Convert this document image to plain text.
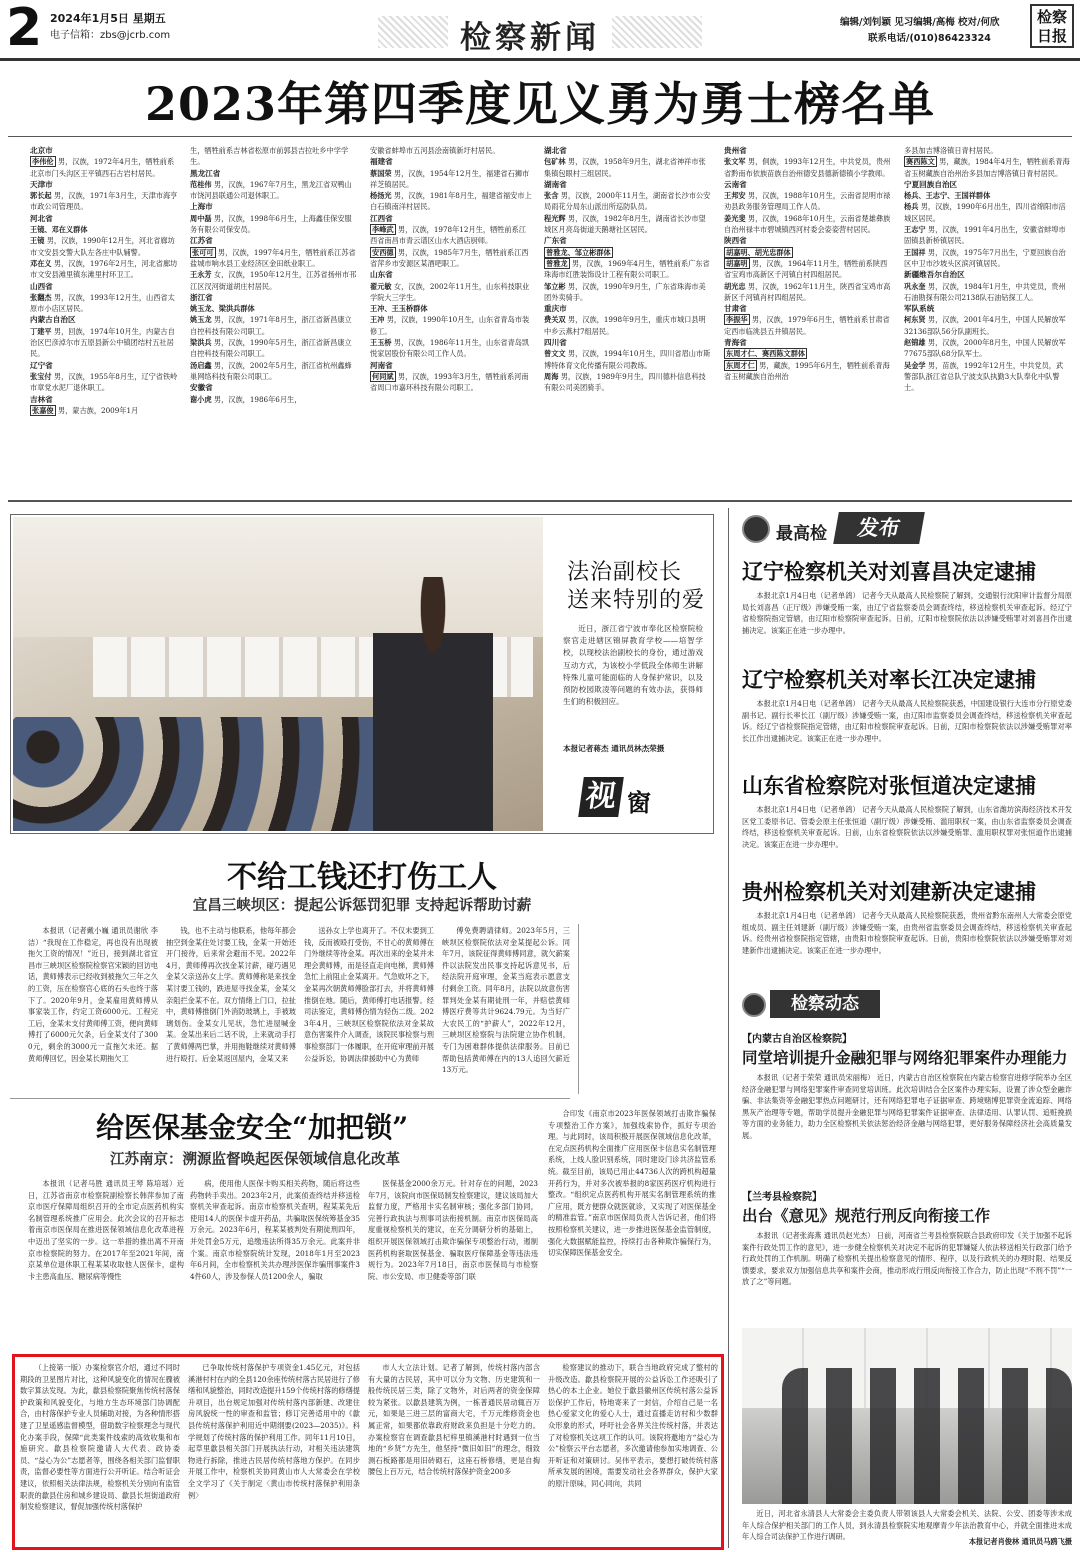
2 2024年1月5日 星期五
电子信箱：zbs@jcrb.com	检察新闻	编辑/刘钊颖 见习编辑/高梅 校对/何欣
联系电话/(010)86423324
检察
日报
2023年第四季度见义勇为勇士榜名单
北京市
李伟伦 男，汉族，1972年4月生，牺牲前系北京市门头沟区王平镇西石古岩村居民。
天津市
郭长起 男，汉族，1971年3月生，天津市海亨市政公司管理员。
河北省
王镜、邓在义群体
王镜 男，汉族，1990年12月生，河北省廊坊市文安县交警大队左各庄中队辅警。
邓在义 男，汉族，1976年2月生，河北省廊坊市文安县滩里镇东滩里村环卫工。
山西省
张翻杰 男，汉族，1993年12月生，山西省太原市小店区居民。
内蒙古自治区
丁建平 男，回族，1974年10月生，内蒙古自治区巴彦淖尔市五原县新公中镇团结村五社居民。
辽宁省
张宝付 男，汉族，1955年8月生，辽宁省铁岭市章党水泥厂退休职工。
吉林省
张嘉俊 男，蒙古族，2009年1月
生，牺牲前系吉林省松原市前郭县吉拉吐乡中学学生。
黑龙江省
范桂伟 男，汉族，1967年7月生，黑龙江省双鸭山市饶河县联通公司退休职工。
上海市
周中磊 男，汉族，1998年6月生，上海鑫佳保安服务有限公司保安员。
江苏省
张可可 男，汉族，1997年4月生，牺牲前系江苏省盐城市响水县工业经济区金田纸业职工。
王永芳 女，汉族，1950年12月生，江苏省扬州市邗江区汊河街道胡庄村居民。
浙江省
姚玉龙、梁洪兵群体
姚玉龙 男，汉族，1971年8月生，浙江省新昌康立自控科技有限公司职工。
梁洪兵 男，汉族，1990年5月生，浙江省新昌康立自控科技有限公司职工。
汤启鑫 男，汉族，2002年5月生，浙江省杭州鑫蜂巢网络科技有限公司职工。
安徽省
谢小虎 男，汉族，1986年6月生，
安徽省蚌埠市五河县浍南镇新圩村居民。
福建省
蔡国荣 男，汉族，1954年12月生，福建省石狮市祥芝镇居民。
杨扬光 男，汉族，1981年8月生，福建省福安市上白石镇南洋村居民。
江西省
李峰武 男，汉族，1978年12月生，牺牲前系江西省南昌市青云谱区山水大酒店厨师。
安西德 男，汉族，1985年7月生，牺牲前系江西省萍乡市安源区某酒吧职工。
山东省
翟元敏 女，汉族，2002年11月生，山东科技职业学院大三学生。
王冲、王玉桥群体
王冲 男，汉族，1990年10月生，山东省青岛市装修工。
王玉桥 男，汉族，1986年11月生，山东省青岛凯悦家居股份有限公司工作人员。
河南省
何同斌 男，汉族，1993年3月生，牺牲前系河南省周口市嘉环科技有限公司职工。
湖北省
包矿林 男，汉族，1958年9月生，湖北省神祥市张集镇包眼村三组居民。
湖南省
张含 男，汉族，2000年11月生，湖南省长沙市公安局雨花分局东山派出所巡防队员。
程光辉 男，汉族，1982年8月生，湖南省长沙市望城区月亮岛街道天鹅塘社区居民。
广东省
曾雅龙、邹立彬群体
曾雅龙 男，汉族，1969年4月生，牺牲前系广东省珠海市红胜装饰设计工程有限公司职工。
邹立彬 男，汉族，1990年9月生，广东省珠海市美团外卖骑手。
重庆市
费关双 男，汉族，1998年9月生，重庆市城口县明中乡云燕村7组居民。
四川省
曾文文 男，汉族，1994年10月生，四川省眉山市斯博特体育文化传播有限公司教练。
周海 男，汉族，1989年9月生，四川德朴信息科技有限公司美团骑手。
贵州省
张文军 男，侗族，1993年12月生，中共党员，贵州省黔南布依族苗族自治州德安县德新德镇小学教师。
云南省
王邦安 男，汉族，1988年10月生，云南省昆明市禄劝县政务服务管理局工作人员。
姜光斐 男，汉族，1968年10月生，云南省楚雄彝族自治州禄丰市碧城镇西河村委会姿姿营村居民。
陕西省
胡嘉明、胡光忠群体
胡嘉明 男，汉族，1964年11月生，牺牲前系陕西省宝鸡市高新区千河镇白村四组居民。
胡光忠 男，汉族，1962年11月生，陕西省宝鸡市高新区千河镇肖村四组居民。
甘肃省
李振华 男，汉族，1979年6月生，牺牲前系甘肃省定西市临洮县五井镇居民。
青海省
东周才仁、赛西陈文群体
东周才仁 男，藏族，1995年6月生，牺牲前系青海省玉树藏族自治州治
多县加吉博洛镇日青村居民。
赛西陈文 男，藏族，1984年4月生，牺牲前系青海省玉树藏族自治州治多县加吉博洛镇日青村居民。
宁夏回族自治区
杨兵、王志宁、王国祥群体
杨兵 男，汉族，1990年6月出生，四川省绵阳市涪城区居民。
王志宁 男，汉族，1991年4月出生，安徽省蚌埠市固镇县新桥镇居民。
王国祥 男，汉族，1975年7月出生，宁夏回族自治区中卫市沙坡头区滨河镇居民。
新疆维吾尔自治区
巩永奎 男，汉族，1984年1月生，中共党员，贵州石油勘探有限公司2138队石油钻探工人。
军队系统
柯东贤 男，汉族，2001年4月生，中国人民解放军32136部队56分队副班长。
赵锦雄 男，汉族，2000年8月生，中国人民解放军77675部队68分队军士。
吴金学 男，苗族，1992年12月生，中共党员，武警部队浙江省总队宁波支队执勤3大队奉化中队警士。
法治副校长
送来特别的爱

近日，浙江省宁波市奉化区检察院检察官走进辖区锦屏教育学校——培智学校，以现校法治副校长的身份，通过游戏互动方式，为该校小学低段全体师生讲解特殊儿童可能面临的人身保护常识，以及预防校园欺凌等问题的有效办法，获得师生们的积极回应。

本报记者蒋杰 通讯员林杰荣摄
视 窗
不给工钱还打伤工人
宜昌三峡坝区：提起公诉惩罚犯罪 支持起诉帮助讨薪

本报讯（记者戴小巍 通讯员谢欣 李洁）“我现在工作稳定，再也没有出现被拖欠工资的情况！”近日，接到湖北省宜昌市三峡坝区检察院检察官宋颖的回访电话，黄师傅表示已经收到被拖欠三年之久的工资，压在检察官心底的石头也终于落下了。2020年9月，金某雇用黄师傅从事家装工作，约定工资6000元。工程完工后，金某未支付黄师傅工资，便向黄师傅打了6000元欠条，后金某支付了3000元，剩余的3000元一直拖欠未还。据黄师傅回忆，因金某长期拖欠工

钱，也不主动与他联系，他每年都会抽空到金某住处讨要工钱，金某一开始还开门接待，后来常会避而不见。2022年4月，黄师傅再次找金某讨薪，碰巧遇见金某父亲送孙女上学。黄师傅称是来找金某讨要工钱的，跌进屋寻找金某，金某父亲阻拦金某不在。双方情绪上门口，拉扯中，黄师傅推倒门外消防玻璃上，手被玻璃划伤。金某女儿见状，急忙进屋喊金某。金某出来后二话不说，上来就动手打了黄师傅两巴掌，并用拖鞋继续对黄师傅进行殴打。后金某返回屋内，金某又来

送孙女上学也离开了。不仅未要到工钱，反而被殴打受伤，不甘心的黄师傅在门外继续等待金某。再次出来的金某并未理会黄师傅，而是径直走向电梯，黄师傅急忙上前阻止金某离开。气急败坏之下，金某再次朝黄师傅脸部打去，并将黄师傅推倒在地。随后，黄师傅打电话报警。经司法鉴定，黄师傅伤情为轻伤二级。2023年4月，三峡坝区检察院依法对金某故意伤害案件介入调查，该院民事检察与刑事检察部门一体履职，在开庭审理前开展公益诉讼，协调法律援助中心为黄师

傅免费聘请律师。2023年5月，三峡坝区检察院依法对金某提起公诉。同年7月，该院征得黄师傅同意，就欠薪案件以法院发出民事支持起诉意见书，后经法院开庭审理，金某当庭表示愿意支付剩余工资。同年8月，法院以故意伤害罪判处金某有期徒刑一年，并赔偿黄师傅医疗费等共计9624.79元。为当好广大农民工的“护薪人”，2022年12月，三峡坝区检察院与法院建立协作机制，专门为困难群体提供法律服务。目前已帮助包括黄师傅在内的13人追回欠薪近13万元。

给医保基金安全“加把锁”
江苏南京：溯源监督唤起医保领域信息化改革

本报讯（记者马胜 通讯员王琴 陈培瑶）近日，江苏省南京市检察院副检察长韩萍参加了南京市医疗保障局组织召开的全市定点医药机构实名制管理系统推广应用会。此次会议的召开标志着南京市医保局在推进医保领域信息化改革进程中迈出了坚实的一步。这一举措的推出离不开南京市检察院的努力。在2017年至2021年间，南京某单位退休职工程某某收取他人医保卡，虚构卡主患高血压、糖尿病等慢性

病，使用他人医保卡购买相关药物，随后将这些药物转手卖出。2023年2月，此案侦查终结并移送检察机关审查起诉。南京市检察机关查明，程某某先后使用14人的医保卡虚开药品，共骗取医保统筹基金35万余元。2023年6月，程某某被判处有期徒刑四年，并处罚金5万元，追缴违法所得35万余元。此案并非个案。南京市检察院统计发现，2018年1月至2023年6月间，全市检察机关共办理涉医保诈骗刑事案件34件60人，涉及参保人员1200余人，骗取

医保基金2000余万元。针对存在的问题，2023年7月，该院向市医保局制发检察建议，建议该局加大监督力度，严格用卡实名制审核；强化多部门协同，完善行政执法与刑事司法衔接机制。南京市医保局高度重视检察机关的建议，在充分调研分析的基础上，组织开展医保领域打击欺诈骗保专项整治行动，遏制医药机构套取医保基金、骗取医疗保障基金等违法违规行为。2023年7月18日，南京市医保局与市检察院、市公安局、市卫健委等部门联

合印发《南京市2023年医保领域打击欺诈骗保专项整治工作方案》，加强线索协作，抓好专项治理。与此同时，该局积极开展医保领域信息化改革，在定点医药机构全面推广应用医保卡信息实名制管理系统，上线人脸识别系统，同时建设门诊共济监管系统。截至目前，该局已用止44736人次的跨机构超量开药行为，并对多次被举报的8家医药医疗机构进行整改。“组织定点医药机构开展实名制管理系统的推广应用，既方便群众就医就诊，又实现了对医保基金的精准监管。”南京市医保局负责人告诉记者，他们将按照检察机关建议，进一步推进医保基金监管制度，强化大数据赋能监控，持续打击各种欺诈骗保行为，切实保障医保基金安全。

（上接第一版）办案检察官介绍，通过不同时期段的卫星图片对比，这种风貌变化的情况在骤被数字算法发现。为此，歙县检察院聚焦传统村落保护政策和风貌变化，与地方生态环境部门协调配合，由村落保护专业人员辅助对接，为各种情形搭建了卫星遥感监督模型，借助数字检察理念与现代化办案手段，保障“此类案件线索的高效收集和布施研究。歙县检察院邀请人大代表、政协委员、“益心为公”志愿者等，围绕各相关部门监督职责，监督必要性等方面进行公开听证。结合听证会建议，依照相关法律法规，检察机关分别向有监管职责的歙县住房和城乡建设局、歙县长垣街道政府制发检察建议，督促加强传统村落保护

已争取传统村落保护专项资金1.45亿元，对包括溪港村村在内的全县120余座传统村落古民居进行了修缮和风貌整治，同时改造提升159个传统村落的修缮提升项目，出台规定加强对传统村落内部新建、改建住房风貌统一性的审查和监管；修订完善适用中的《歙县传统村落保护利用近中期纲要(2023—2035)》。科学规划了传统村落的保护利用工作。同年11月10日，起草里歙县相关部门开展执法行动，对相关违法建筑物进行拆除，推进古民居传统村落地方保护。在同步开展工作中，检察机关协同黄山市人大常委会在学校全文学习了《关于制定〈黄山市传统村落保护利用条例〉

市人大立法计划。记者了解到，传统村落内部含有大量的古民居，其中可以分为文物、历史建筑和一般传统民居三类，除了文物外，对后两者的资金保障较为紧张。以歙县建筑为例，一栋普通民居动辄百万元，如果是三进三层的富商大宅，千万元维修资金也属正常，如果都依靠政府财政来负担是十分吃力的。办案检察官在调查歙县杞梓里镇溪港村时遇到一位当地的“乡贤”方先生，他坚持“微旧如旧”的理念，细致测石板路都是用旧砖砌石，这座石桥修缮，更是自掏腰包上百万元，结合传统村落保护资金200多

检察建议的推动下，联合当地政府完成了整村的升级改造。歙县检察院开展的公益诉讼工作还吸引了热心的本土企业。她位于歙县徽州区传统村落公益诉讼保护工作后，特地寄来了一封信，介绍自己是一名热心爱家文化的爱心人士，通过直播走访村和少数群众形象的形式，呼吁社会各界关注传统村落，并表达了对检察机关这项工作的认可。该院将邀地方“益心为公”检察云平台志愿者，多次邀请他参加实地调查、公开听证和对策研讨。吴伟平表示，要想打破传统村落所承发展的困境，需要发动社会各界群众，保护大家的原汁原味，同心同向，共同

最高检	发布
辽宁检察机关对刘喜昌决定逮捕

本报北京1月4日电（记者单鸽） 记者今天从最高人民检察院了解到，交通银行沈阳审计监督分局原局长刘喜昌（正厅级）涉嫌受贿一案，由辽宁省监察委员会调查终结，移送检察机关审查起诉。经辽宁省检察院指定管辖，由辽阳市检察院审查起诉。日前，辽阳市检察院依法以涉嫌受贿罪对刘喜昌作出逮捕决定。该案正在进一步办理中。

辽宁检察机关对率长江决定逮捕

本报北京1月4日电（记者单鸽） 记者今天从最高人民检察院获悉，中国建设银行大连市分行原党委副书记、副行长率长江（副厅级）涉嫌受贿一案，由辽阳市监察委员会调查终结，移送检察机关审查起诉。经辽宁省检察院指定管辖，由辽阳市检察院审查起诉。日前，辽阳市检察院依法以涉嫌受贿罪对率长江作出逮捕决定。该案正在进一步办理中。

山东省检察院对张恒道决定逮捕

本报北京1月4日电（记者单鸽） 记者今天从最高人民检察院了解到，山东省潍坊滨海经济技术开发区党工委原书记、管委会原主任张恒道（副厅级）涉嫌受贿、滥用职权一案，由山东省监察委员会调查终结，移送检察机关审查起诉。日前，山东省检察院依法以涉嫌受贿罪、滥用职权罪对张恒道作出逮捕决定。该案正在进一步办理中。

贵州检察机关对刘建新决定逮捕

本报北京1月4日电（记者单鸽） 记者今天从最高人民检察院获悉，贵州省黔东南州人大常委会原党组成员、副主任刘建新（副厅级）涉嫌受贿一案，由贵州省监察委员会调查终结，移送检察机关审查起诉。经贵州省检察院指定管辖，由贵阳市检察院审查起诉。日前，贵阳市检察院依法以涉嫌受贿罪对刘建新作出逮捕决定。该案正在进一步办理中。

检察动态
【内蒙古自治区检察院】
同堂培训提升金融犯罪与网络犯罪案件办理能力

本报讯（记者于荣荣 通讯员宋丽梅） 近日，内蒙古自治区检察院在内蒙古检察官进修学院举办全区经济金融犯罪与网络犯罪案件审查同堂培训班。此次培训结合全区案件办理实际，设置了涉众型金融诈骗、非法集资等金融犯罪热点问题研讨，还有网络犯罪电子证据审查、跨境赌博犯罪资金流追踪、网络黑灰产治理等专题，帮助学员提升金融犯罪与网络犯罪案件证据审查、法律适用、认罪认罚、追赃挽损等方面的业务能力，助力全区检察机关依法惩治经济金融与网络犯罪，更好服务保障经济社会高质量发展。

【兰考县检察院】
出台《意见》规范行刑反向衔接工作

本报讯（记者张海燕 通讯员赵光杰） 日前，河南省兰考县检察院联合县政府印发《关于加强不起诉案件行政处罚工作的意见》，进一步健全检察机关对决定不起诉的犯罪嫌疑人依法移送相关行政部门给予行政处罚的工作机制。明确了检察机关提出检察意见的情形、程序，以及行政机关的办理时限、结果反馈要求，要求双方加强信息共享和案件会商，推动形成行刑反向衔接工作合力，防止出现“不刑不罚”“一放了之”等问题。

近日，河北省永清县人大常委会主委负责人带领该县人大常委会机关、法院、公安、团委等涉未成年人综合保护相关部门的工作人员，到永清县检察院实地观摩青少年法治教育中心，并就全面推进未成年人综合司法保护工作进行调研。

本报记者肖俊林 通讯员马鸥飞摄
